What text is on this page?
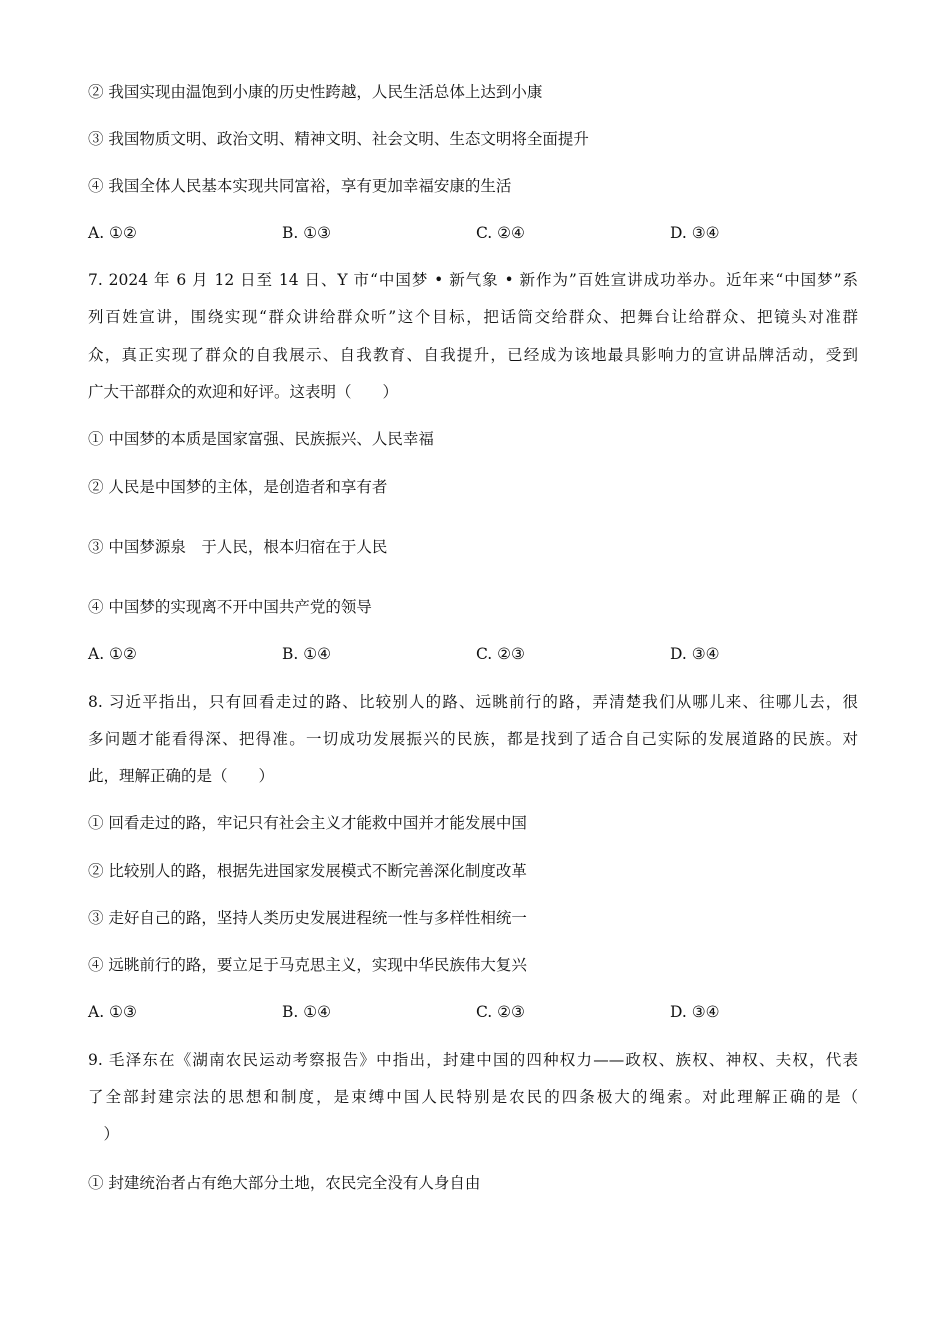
② 我国实现由温饱到小康的历史性跨越，人民生活总体上达到小康
③ 我国物质文明、政治文明、精神文明、社会文明、生态文明将全面提升
④ 我国全体人民基本实现共同富裕，享有更加幸福安康的生活
A. ①②	B. ①③	C. ②④	D. ③④
7. 2024 年 6 月 12 日至 14 日、Y 市“中国梦 • 新气象 • 新作为”百姓宣讲成功举办。近年来“中国梦”系
列百姓宣讲，围绕实现“群众讲给群众听”这个目标，把话筒交给群众、把舞台让给群众、把镜头对准群
众，真正实现了群众的自我展示、自我教育、自我提升，已经成为该地最具影响力的宣讲品牌活动，受到
广大干部群众的欢迎和好评。这表明（　　）
① 中国梦的本质是国家富强、民族振兴、人民幸福
② 人民是中国梦的主体，是创造者和享有者
③ 中国梦源泉　于人民，根本归宿在于人民
④ 中国梦的实现离不开中国共产党的领导
A. ①②	B. ①④	C. ②③	D. ③④
8. 习近平指出，只有回看走过的路、比较别人的路、远眺前行的路，弄清楚我们从哪儿来、往哪儿去，很
多问题才能看得深、把得准。一切成功发展振兴的民族，都是找到了适合自己实际的发展道路的民族。对
此，理解正确的是（　　）
① 回看走过的路，牢记只有社会主义才能救中国并才能发展中国
② 比较别人的路，根据先进国家发展模式不断完善深化制度改革
③ 走好自己的路，坚持人类历史发展进程统一性与多样性相统一
④ 远眺前行的路，要立足于马克思主义，实现中华民族伟大复兴
A. ①③	B. ①④	C. ②③	D. ③④
9. 毛泽东在《湖南农民运动考察报告》中指出，封建中国的四种权力——政权、族权、神权、夫权，代表
了全部封建宗法的思想和制度，是束缚中国人民特别是农民的四条极大的绳索。对此理解正确的是（
　）
① 封建统治者占有绝大部分土地，农民完全没有人身自由
